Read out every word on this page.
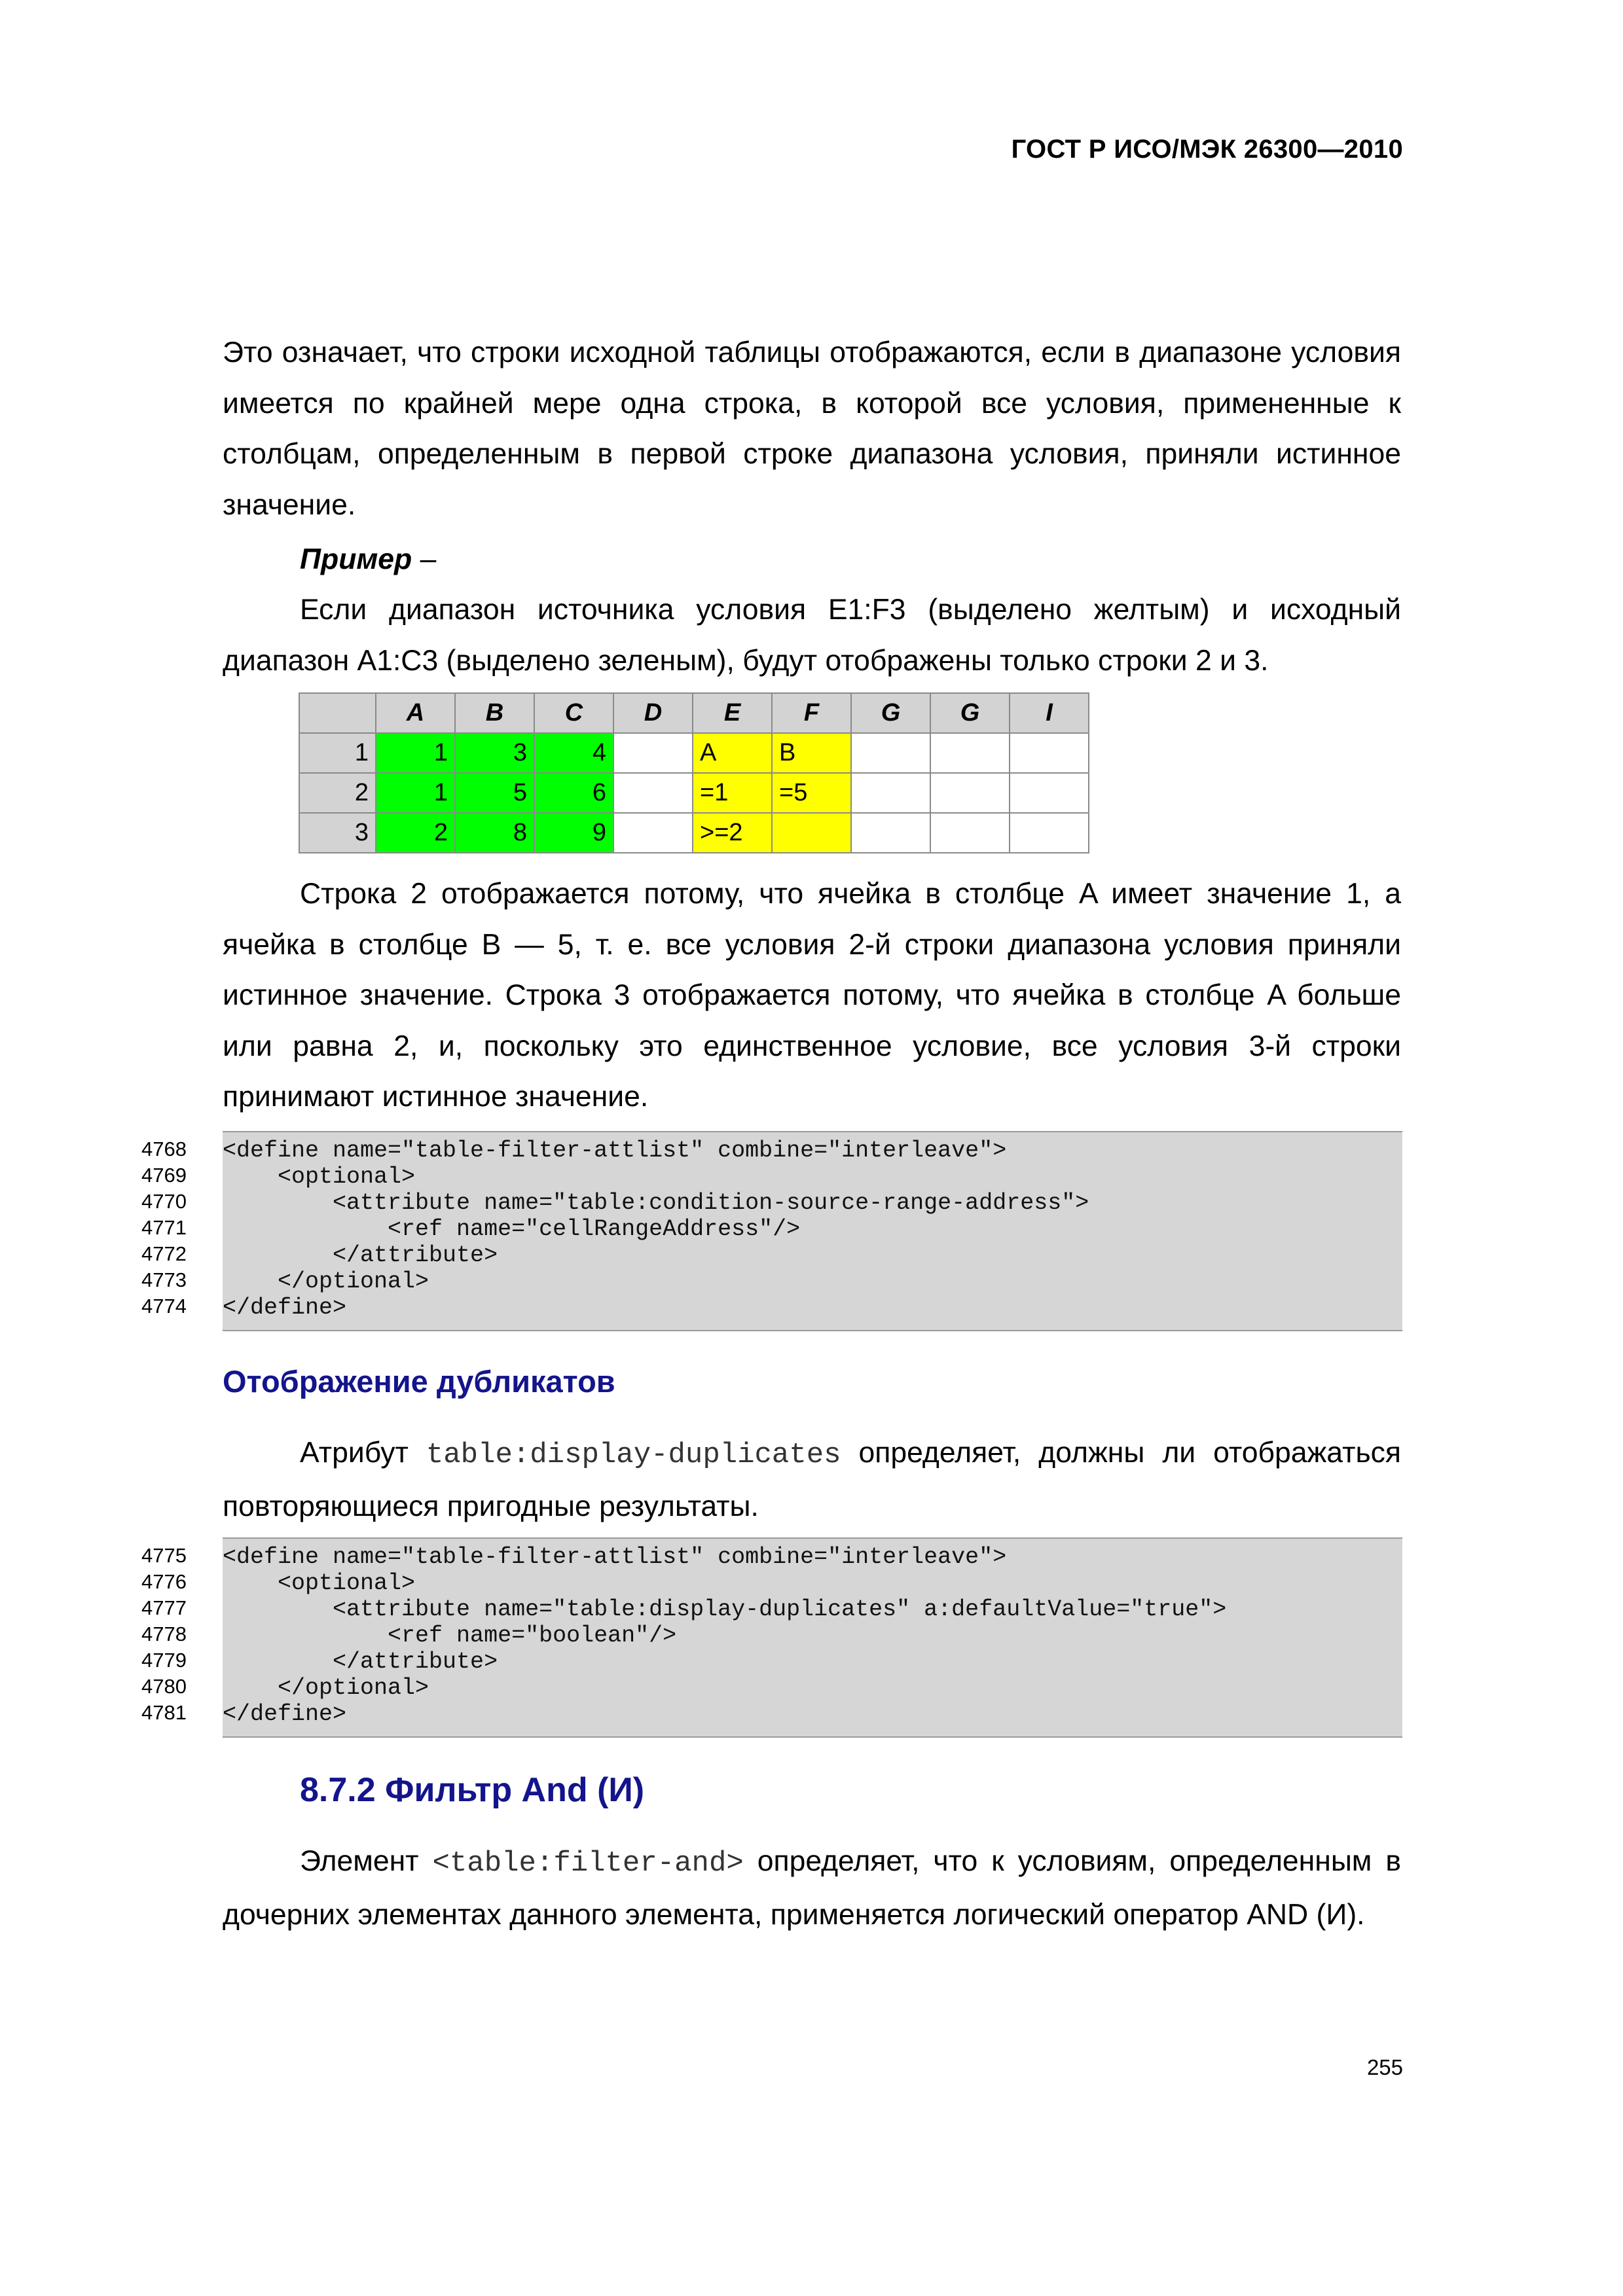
ГОСТ Р ИСО/МЭК 26300—2010

Это означает, что строки исходной таблицы отображаются, если в диапазоне условия имеется по крайней мере одна строка, в которой все условия, примененные к столбцам, определенным в первой строке диапазона условия, приняли истинное значение.

Пример –

Если диапазон источника условия E1:F3 (выделено желтым) и исходный диапазон A1:C3 (выделено зеленым), будут отображены только строки 2 и 3.

	A	B	C	D	E	F	G	G	I
1	1	3	4		A	B			
2	1	5	6		=1	=5			
3	2	8	9		>=2				

Строка 2 отображается потому, что ячейка в столбце A имеет значение 1, а ячейка в столбце B — 5, т. е. все условия 2-й строки диапазона условия приняли истинное значение. Строка 3 отображается потому, что ячейка в столбце A больше или равна 2, и, поскольку это единственное условие, все условия 3-й строки принимают истинное значение.

4768
4769
4770
4771
4772
4773
4774
<define name="table-filter-attlist" combine="interleave">
<optional>
<attribute name="table:condition-source-range-address">
<ref name="cellRangeAddress"/>
</attribute>
</optional>
</define>
Отображение дубликатов

Атрибут table:display-duplicates определяет, должны ли отображаться повторяющиеся пригодные результаты.

4775
4776
4777
4778
4779
4780
4781
<define name="table-filter-attlist" combine="interleave">
<optional>
<attribute name="table:display-duplicates" a:defaultValue="true">
<ref name="boolean"/>
</attribute>
</optional>
</define>
8.7.2 Фильтр And (И)

Элемент <table:filter-and> определяет, что к условиям, определенным в дочерних элементах данного элемента, применяется логический оператор AND (И).

255
